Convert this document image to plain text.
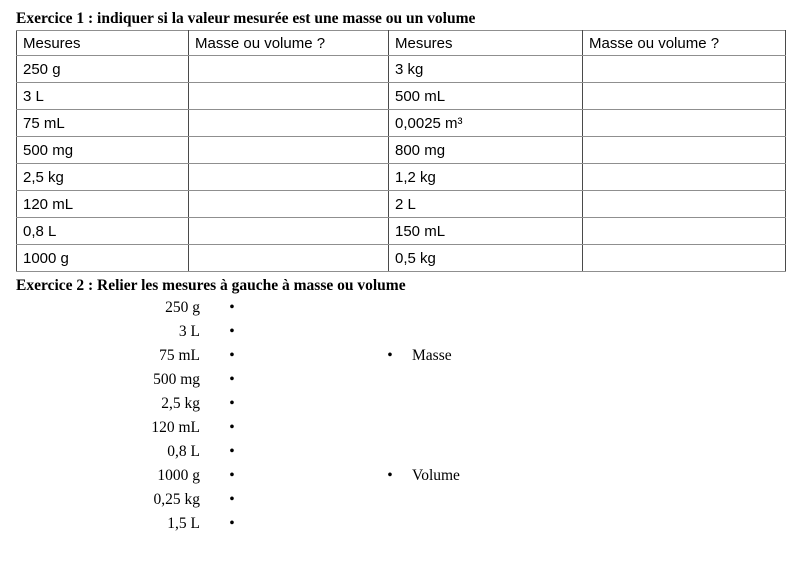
Exercice 1 : indiquer si la valeur mesurée est une masse ou un volume
Mesures	Masse ou volume ?	Mesures	Masse ou volume ?
250 g		3 kg	
3 L		500 mL	
75 mL		0,0025 m³	
500 mg		800 mg	
2,5 kg		1,2 kg	
120 mL		2 L	
0,8 L		150 mL	
1000 g		0,5 kg	
Exercice 2 : Relier les mesures à gauche à masse ou volume
250 g •
3 L •
75 mL •	• Masse
500 mg •
2,5 kg •
120 mL •
0,8 L •
1000 g •	• Volume
0,25 kg •
1,5 L •
